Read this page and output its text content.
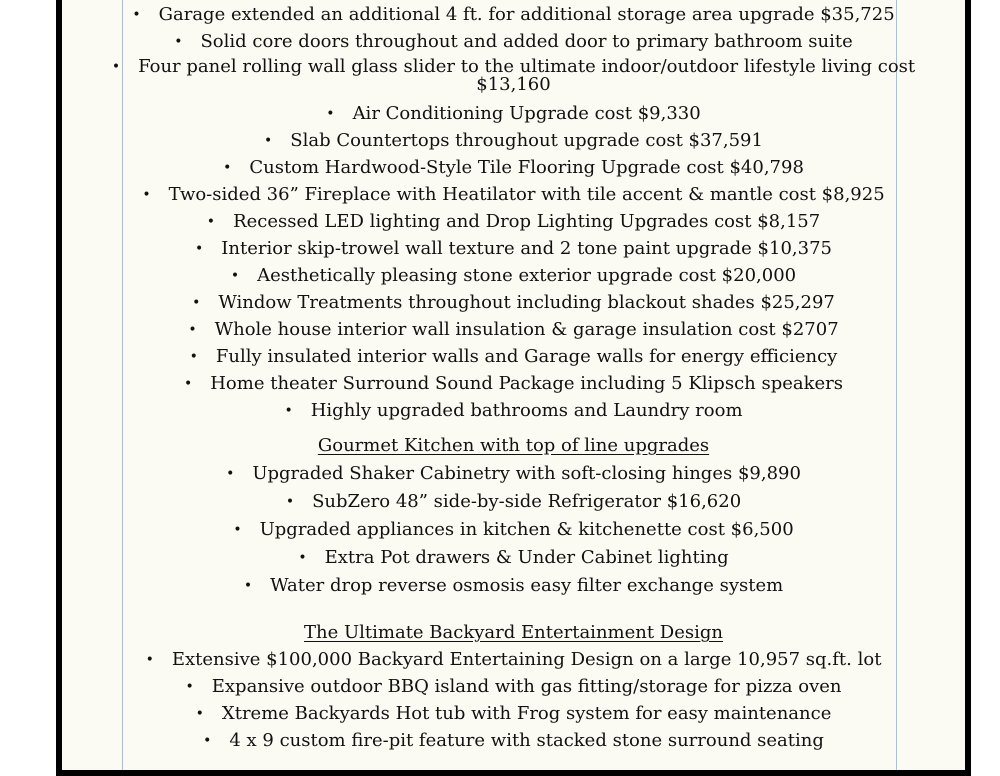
• Garage extended an additional 4 ft. for additional storage area upgrade $35,725
• Solid core doors throughout and added door to primary bathroom suite
• Four panel rolling wall glass slider to the ultimate indoor/outdoor lifestyle living cost
$13,160
• Air Conditioning Upgrade cost $9,330
• Slab Countertops throughout upgrade cost $37,591
• Custom Hardwood-Style Tile Flooring Upgrade cost $40,798
• Two-sided 36” Fireplace with Heatilator with tile accent & mantle cost $8,925
• Recessed LED lighting and Drop Lighting Upgrades cost $8,157
• Interior skip-trowel wall texture and 2 tone paint upgrade $10,375
• Aesthetically pleasing stone exterior upgrade cost $20,000
• Window Treatments throughout including blackout shades $25,297
• Whole house interior wall insulation & garage insulation cost $2707
• Fully insulated interior walls and Garage walls for energy efficiency
• Home theater Surround Sound Package including 5 Klipsch speakers
• Highly upgraded bathrooms and Laundry room
Gourmet Kitchen with top of line upgrades
• Upgraded Shaker Cabinetry with soft-closing hinges $9,890
• SubZero 48” side-by-side Refrigerator $16,620
• Upgraded appliances in kitchen & kitchenette cost $6,500
• Extra Pot drawers & Under Cabinet lighting
• Water drop reverse osmosis easy filter exchange system
The Ultimate Backyard Entertainment Design
• Extensive $100,000 Backyard Entertaining Design on a large 10,957 sq.ft. lot
• Expansive outdoor BBQ island with gas fitting/storage for pizza oven
• Xtreme Backyards Hot tub with Frog system for easy maintenance
• 4 x 9 custom fire-pit feature with stacked stone surround seating
